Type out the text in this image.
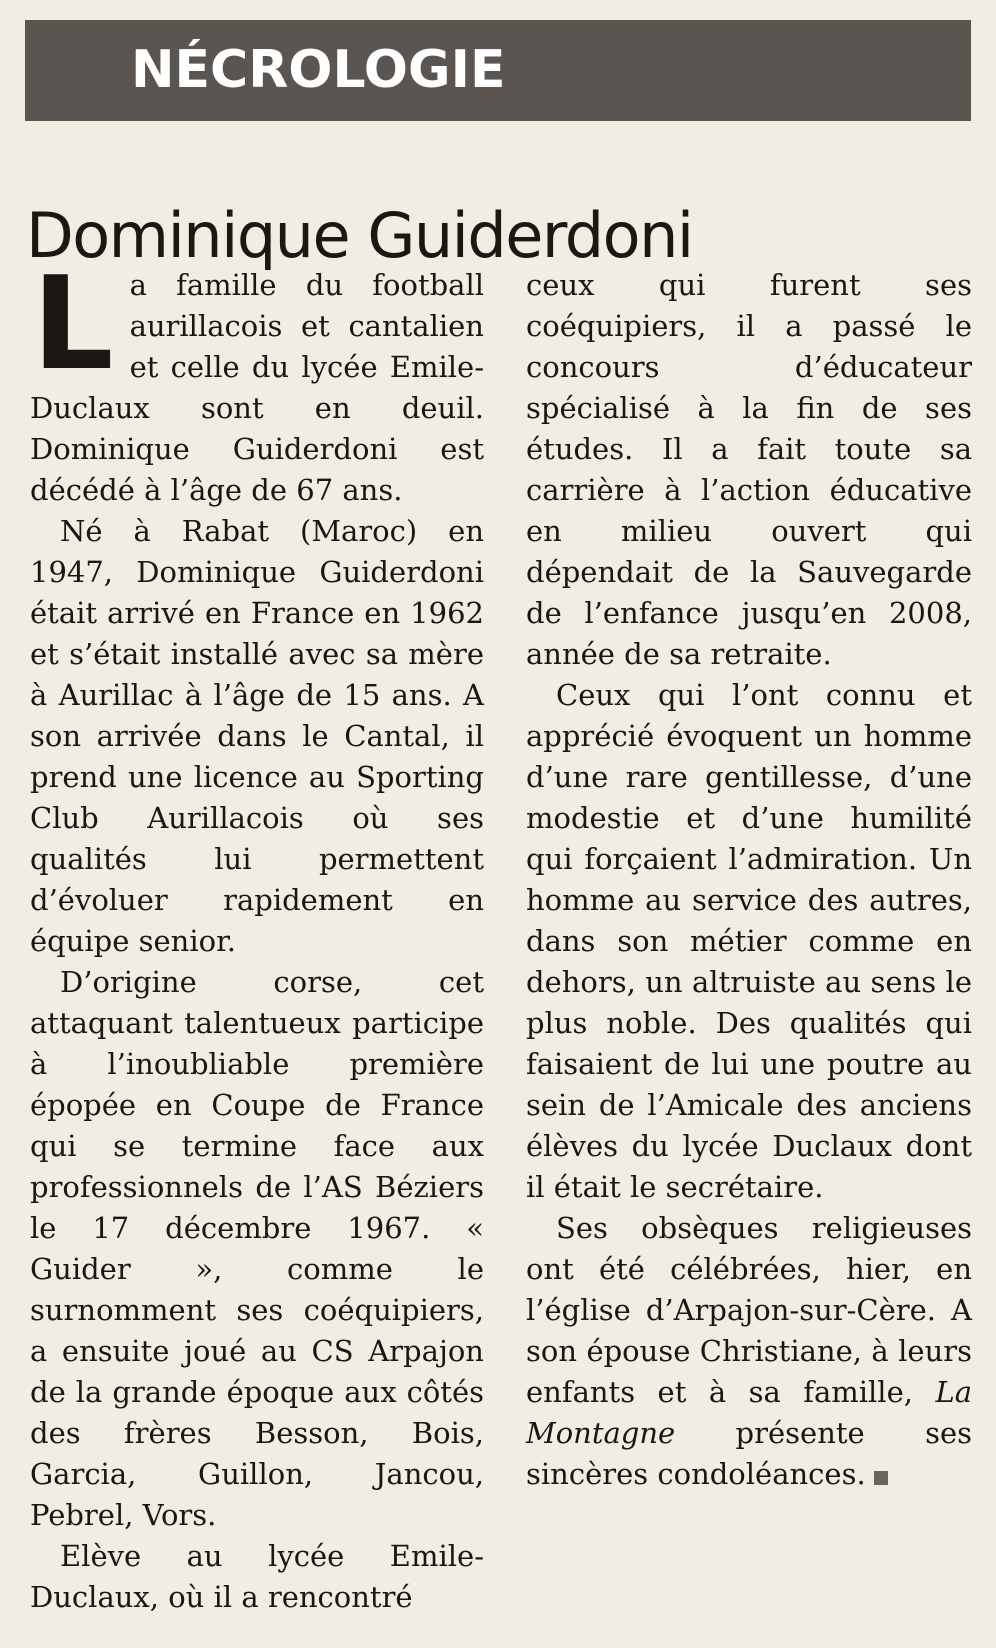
NÉCROLOGIE
Dominique Guiderdoni

La famille du football aurillacois et cantalien et celle du lycée Emile-Duclaux sont en deuil. Dominique Guiderdoni est décédé à l’âge de 67 ans.

Né à Rabat (Maroc) en 1947, Dominique Guiderdoni était arrivé en France en 1962 et s’était installé avec sa mère à Aurillac à l’âge de 15 ans. A son arrivée dans le Cantal, il prend une licence au Sporting Club Aurillacois où ses qualités lui permettent d’évoluer rapidement en équipe senior.

D’origine corse, cet attaquant talentueux participe à l’inoubliable première épopée en Coupe de France qui se termine face aux professionnels de l’AS Béziers le 17 décembre 1967. « Guider », comme le surnomment ses coéquipiers, a ensuite joué au CS Arpajon de la grande époque aux côtés des frères Besson, Bois, Garcia, Guillon, Jancou, Pebrel, Vors.

Elève au lycée Emile-Duclaux, où il a rencontré

ceux qui furent ses coéquipiers, il a passé le concours d’éducateur spécialisé à la fin de ses études. Il a fait toute sa carrière à l’action éducative en milieu ouvert qui dépendait de la Sauvegarde de l’enfance jusqu’en 2008, année de sa retraite.

Ceux qui l’ont connu et apprécié évoquent un homme d’une rare gentillesse, d’une modestie et d’une humilité qui forçaient l’admiration. Un homme au service des autres, dans son métier comme en dehors, un altruiste au sens le plus noble. Des qualités qui faisaient de lui une poutre au sein de l’Amicale des anciens élèves du lycée Duclaux dont il était le secrétaire.

Ses obsèques religieuses ont été célébrées, hier, en l’église d’Arpajon-sur-Cère. A son épouse Christiane, à leurs enfants et à sa famille, La Montagne présente ses sincères condoléances.
